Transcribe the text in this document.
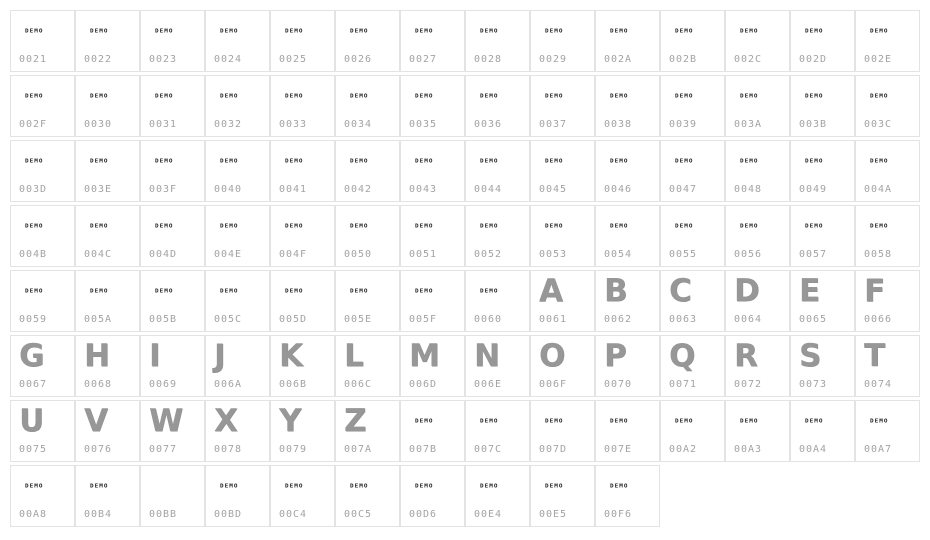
DEMO
0021
DEMO
0022
DEMO
0023
DEMO
0024
DEMO
0025
DEMO
0026
DEMO
0027
DEMO
0028
DEMO
0029
DEMO
002A
DEMO
002B
DEMO
002C
DEMO
002D
DEMO
002E
DEMO
002F
DEMO
0030
DEMO
0031
DEMO
0032
DEMO
0033
DEMO
0034
DEMO
0035
DEMO
0036
DEMO
0037
DEMO
0038
DEMO
0039
DEMO
003A
DEMO
003B
DEMO
003C
DEMO
003D
DEMO
003E
DEMO
003F
DEMO
0040
DEMO
0041
DEMO
0042
DEMO
0043
DEMO
0044
DEMO
0045
DEMO
0046
DEMO
0047
DEMO
0048
DEMO
0049
DEMO
004A
DEMO
004B
DEMO
004C
DEMO
004D
DEMO
004E
DEMO
004F
DEMO
0050
DEMO
0051
DEMO
0052
DEMO
0053
DEMO
0054
DEMO
0055
DEMO
0056
DEMO
0057
DEMO
0058
DEMO
0059
DEMO
005A
DEMO
005B
DEMO
005C
DEMO
005D
DEMO
005E
DEMO
005F
DEMO
0060
A
0061
B
0062
C
0063
D
0064
E
0065
F
0066
G
0067
H
0068
I
0069
J
006A
K
006B
L
006C
M
006D
N
006E
O
006F
P
0070
Q
0071
R
0072
S
0073
T
0074
U
0075
V
0076
W
0077
X
0078
Y
0079
Z
007A
DEMO
007B
DEMO
007C
DEMO
007D
DEMO
007E
DEMO
00A2
DEMO
00A3
DEMO
00A4
DEMO
00A7
DEMO
00A8
DEMO
00B4	00BB
DEMO
00BD
DEMO
00C4
DEMO
00C5
DEMO
00D6
DEMO
00E4
DEMO
00E5
DEMO
00F6
